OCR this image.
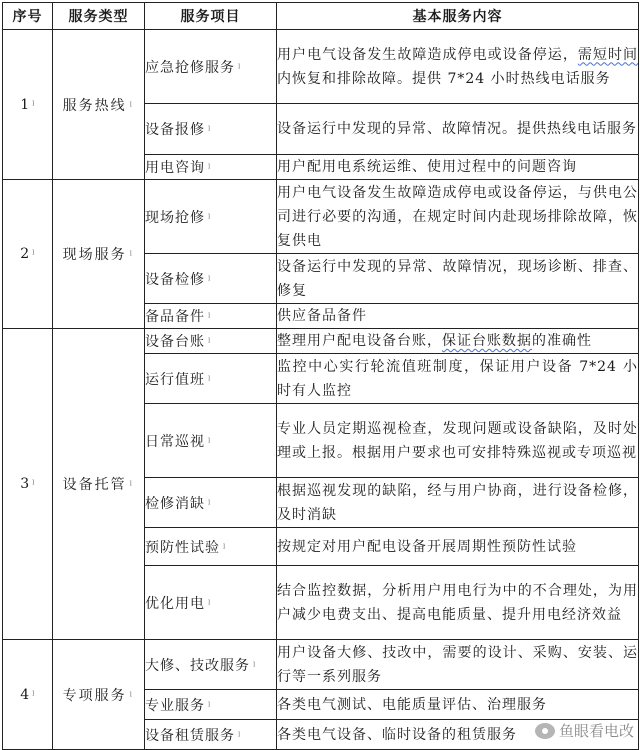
序号	服务类型	服务项目	基本服务内容
1 ˡ	服务热线 ˡ	应急抢修服务 ˡ	用户电气设备发生故障造成停电或设备停运，需短时间内恢复和排除故障。提供 7*24 小时热线电话服务
		设备报修 ˡ	设备运行中发现的异常、故障情况。提供热线电话服务
		用电咨询 ˡ	用户配用电系统运维、使用过程中的问题咨询
2 ˡ	现场服务 ˡ	现场抢修 ˡ	用户电气设备发生故障造成停电或设备停运，与供电公司进行必要的沟通，在规定时间内赴现场排除故障，恢复供电
		设备检修 ˡ	设备运行中发现的异常、故障情况，现场诊断、排查、修复
		备品备件 ˡ	供应备品备件
3 ˡ	设备托管 ˡ	设备台账 ˡ	整理用户配电设备台账，保证台账数据的准确性
		运行值班 ˡ	监控中心实行轮流值班制度，保证用户设备 7*24 小时有人监控
		日常巡视 ˡ	专业人员定期巡视检查，发现问题或设备缺陷，及时处理或上报。根据用户要求也可安排特殊巡视或专项巡视
		检修消缺 ˡ	根据巡视发现的缺陷，经与用户协商，进行设备检修，及时消缺
		预防性试验 ˡ	按规定对用户配电设备开展周期性预防性试验
		优化用电 ˡ	结合监控数据，分析用户用电行为中的不合理处，为用户减少电费支出、提高电能质量、提升用电经济效益
4 ˡ	专项服务 ˡ	大修、技改服务 ˡ	用户设备大修、技改中，需要的设计、采购、安装、运行等一系列服务
		专业服务 ˡ	各类电气测试、电能质量评估、治理服务
		设备租赁服务 ˡ	各类电气设备、临时设备的租赁服务	鱼眼看电改
